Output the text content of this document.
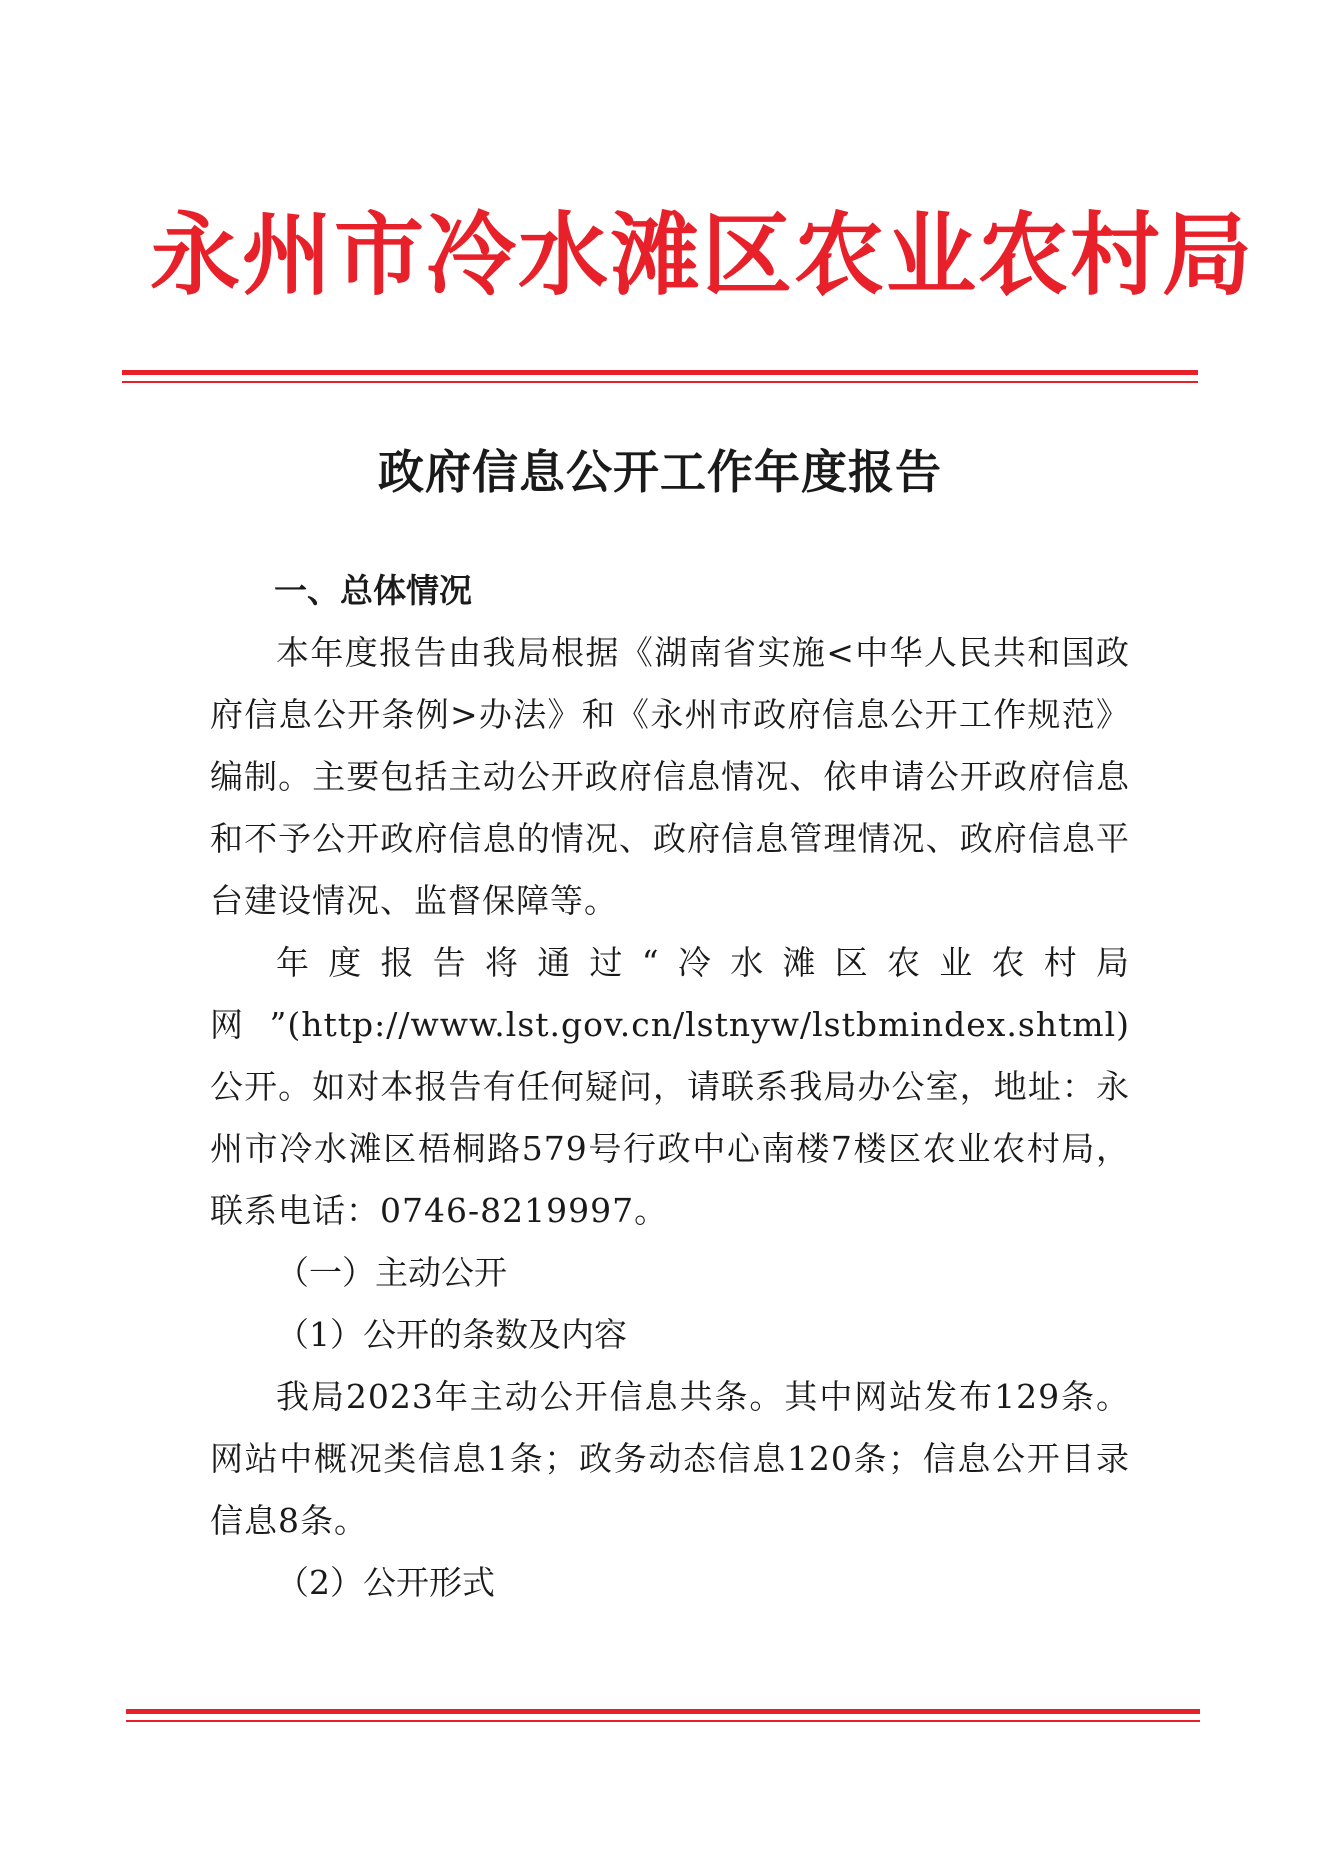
永州市冷水滩区农业农村局
政府信息公开工作年度报告

一、总体情况

本年度报告由我局根据《湖南省实施<中华人民共和国政府信息公开条例>办法》和《永州市政府信息公开工作规范》编制。主要包括主动公开政府信息情况、依申请公开政府信息和不予公开政府信息的情况、政府信息管理情况、政府信息平台建设情况、监督保障等。

年度报告将通过“冷水滩区农业农村局网”(http://www.lst.gov.cn/lstnyw/lstbmindex.shtml) 公开。如对本报告有任何疑问，请联系我局办公室，地址：永州市冷水滩区梧桐路579号行政中心南楼7楼区农业农村局，联系电话：0746-8219997。

（一）主动公开

（1）公开的条数及内容

我局2023年主动公开信息共条。其中网站发布129条。网站中概况类信息1条；政务动态信息120条；信息公开目录信息8条。

（2）公开形式
